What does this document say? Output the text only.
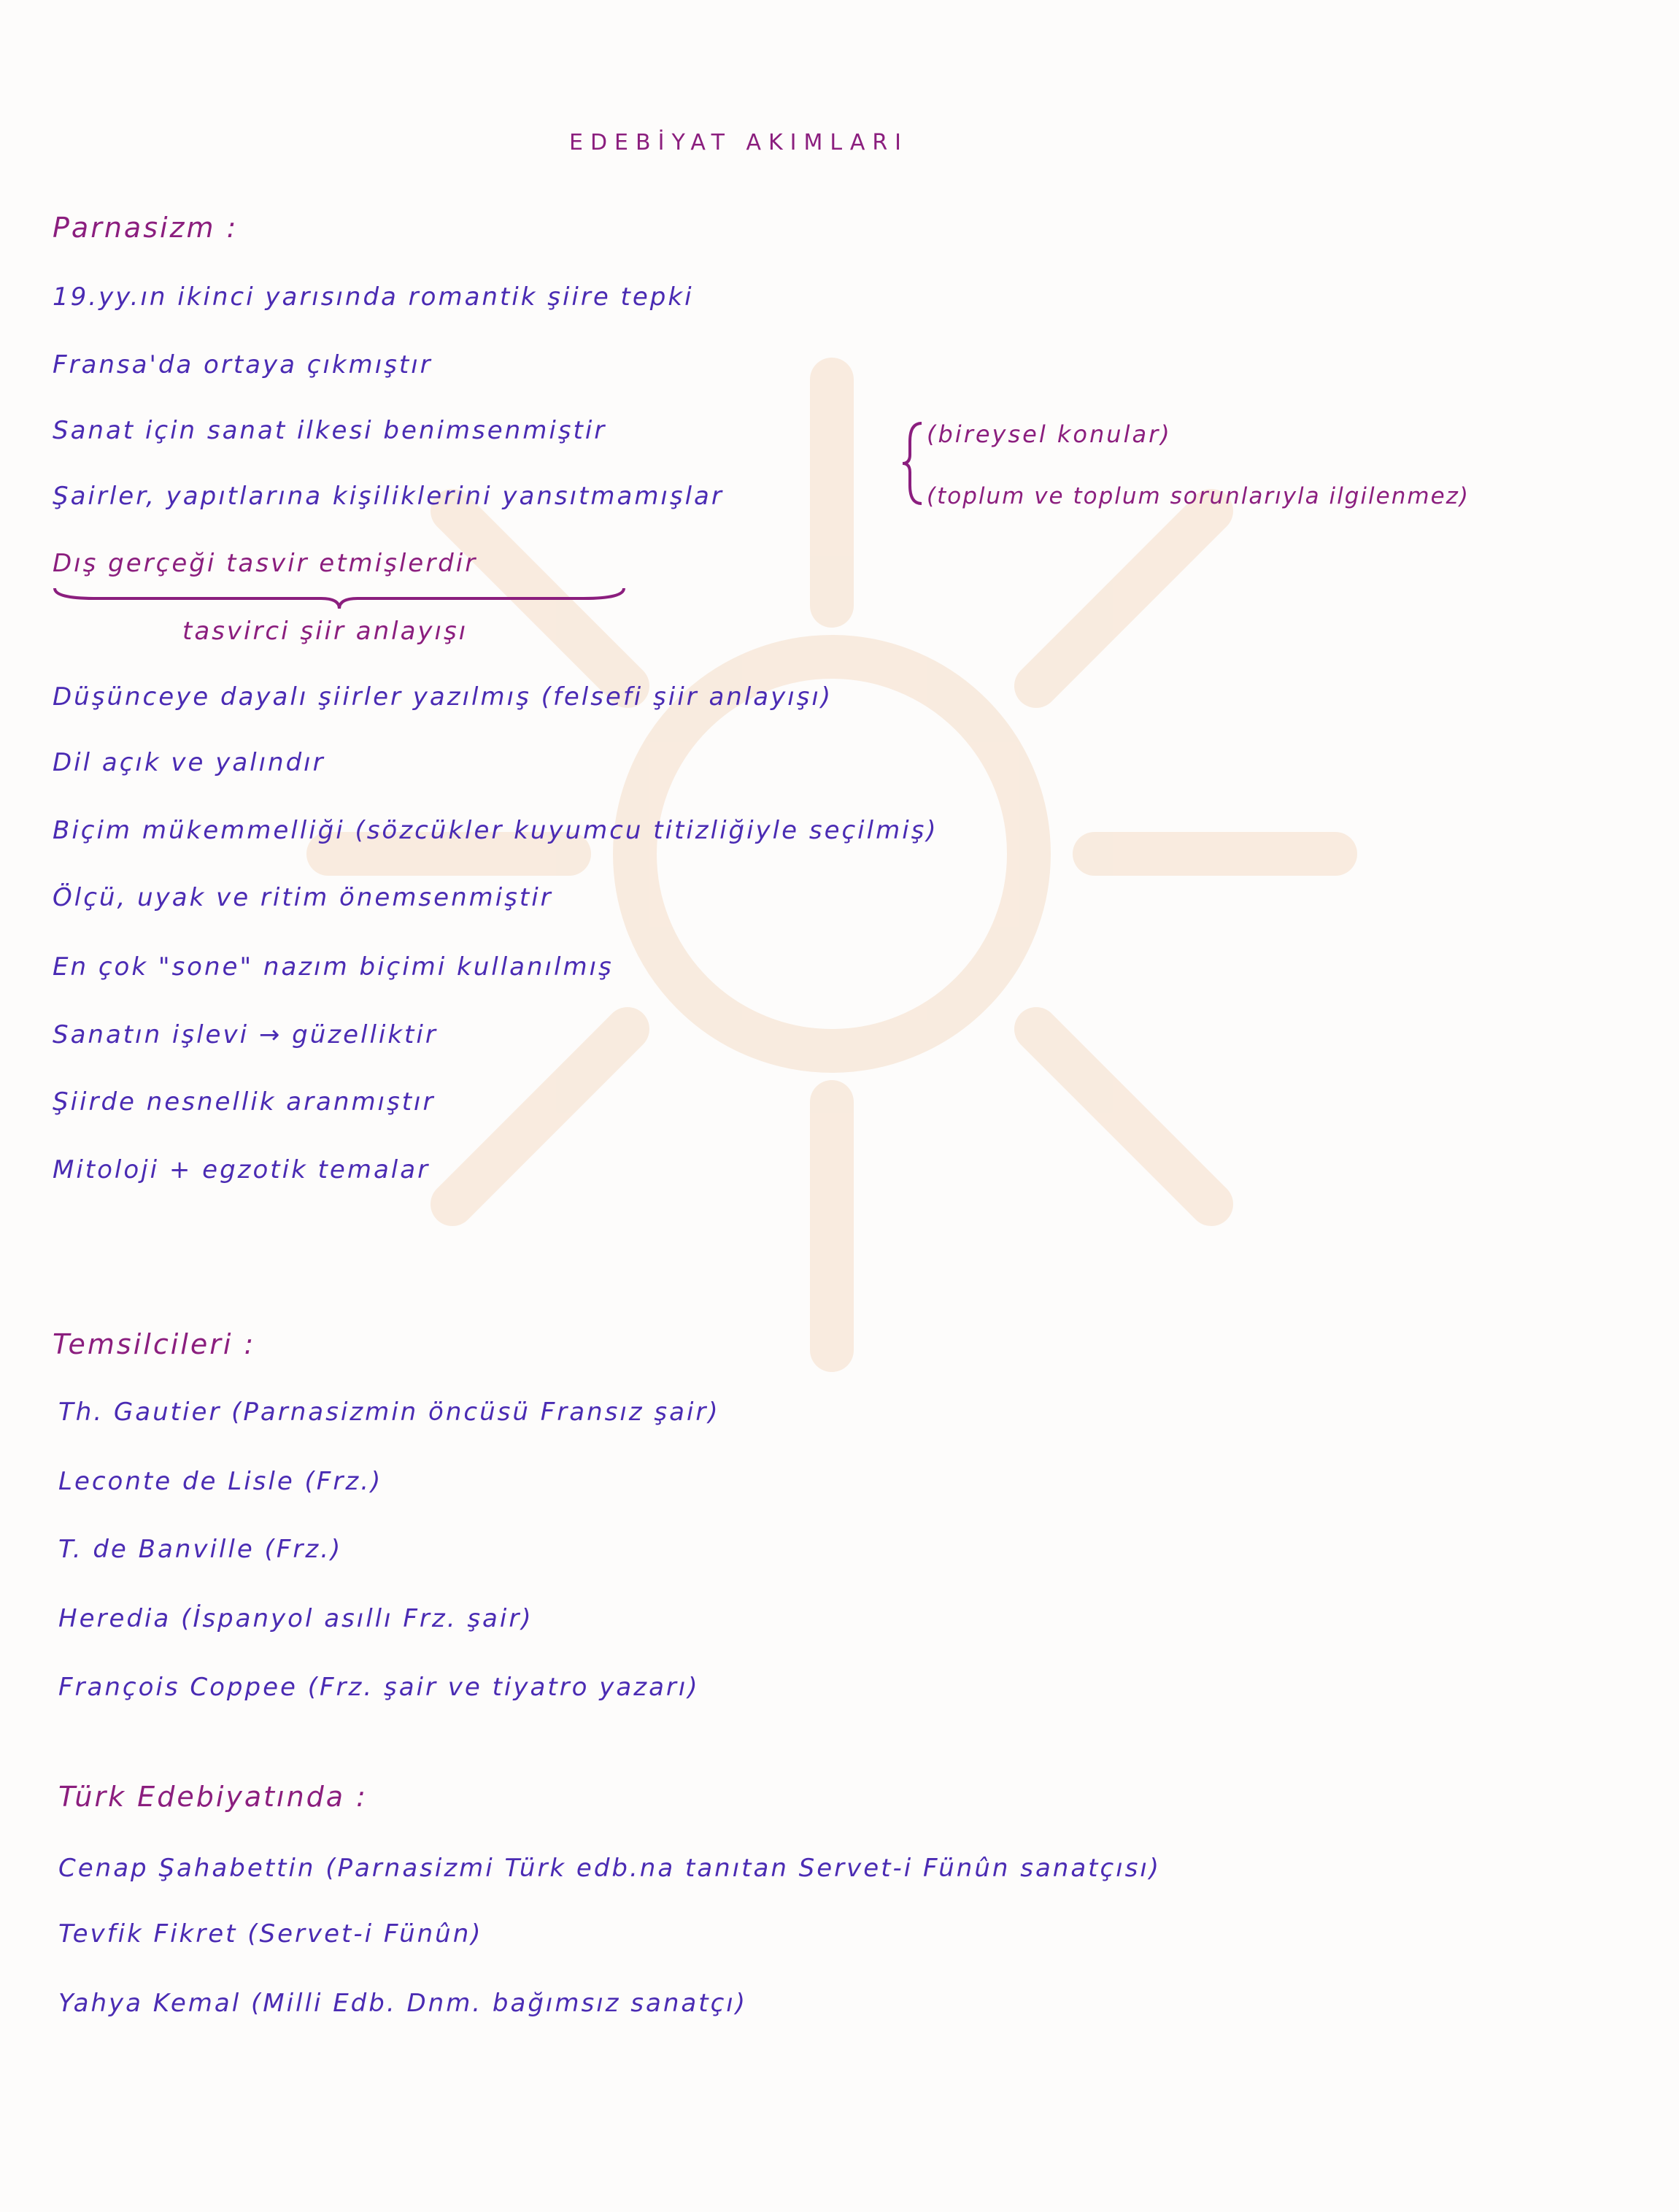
EDEBİYAT AKIMLARI
Parnasizm :
19.yy.ın ikinci yarısında romantik şiire tepki
Fransa'da ortaya çıkmıştır
Sanat için sanat ilkesi benimsenmiştir
Şairler, yapıtlarına kişiliklerini yansıtmamışlar
Dış gerçeği tasvir etmişlerdir
tasvirci şiir anlayışı
Düşünceye dayalı şiirler yazılmış (felsefi şiir anlayışı)
Dil açık ve yalındır
Biçim mükemmelliği (sözcükler kuyumcu titizliğiyle seçilmiş)
Ölçü, uyak ve ritim önemsenmiştir
En çok "sone" nazım biçimi kullanılmış
Sanatın işlevi → güzelliktir
Şiirde nesnellik aranmıştır
Mitoloji + egzotik temalar
(bireysel konular)
(toplum ve toplum sorunlarıyla ilgilenmez)
Temsilcileri :
Th. Gautier (Parnasizmin öncüsü Fransız şair)
Leconte de Lisle (Frz.)
T. de Banville (Frz.)
Heredia (İspanyol asıllı Frz. şair)
François Coppee (Frz. şair ve tiyatro yazarı)
Türk Edebiyatında :
Cenap Şahabettin (Parnasizmi Türk edb.na tanıtan Servet-i Fünûn sanatçısı)
Tevfik Fikret (Servet-i Fünûn)
Yahya Kemal (Milli Edb. Dnm. bağımsız sanatçı)
